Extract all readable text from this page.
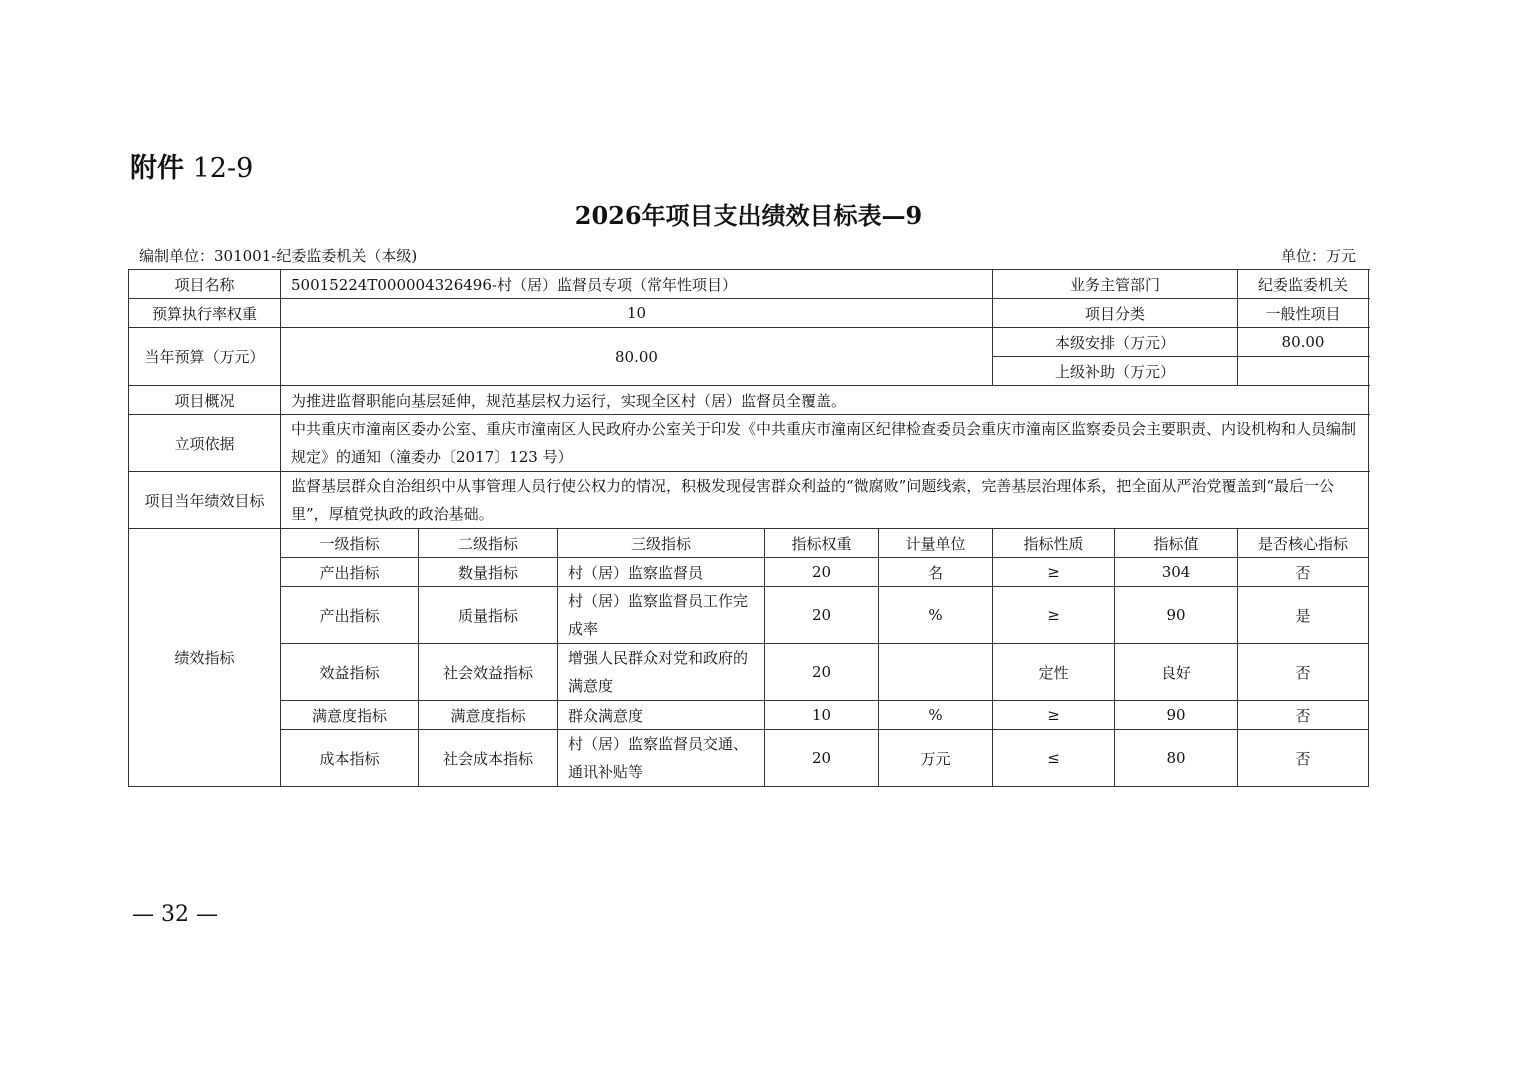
附件 12-9
2026年项目支出绩效目标表—9
编制单位：301001-纪委监委机关（本级)	单位：万元
项目名称	50015224T000004326496-村（居）监督员专项（常年性项目）					业务主管部门		纪委监委机关
预算执行率权重	10					项目分类		一般性项目
当年预算（万元）	80.00					本级安排（万元）		80.00
						上级补助（万元）		
项目概况	为推进监督职能向基层延伸，规范基层权力运行，实现全区村（居）监督员全覆盖。							
立项依据	中共重庆市潼南区委办公室、重庆市潼南区人民政府办公室关于印发《中共重庆市潼南区纪律检查委员会重庆市潼南区监察委员会主要职责、内设机构和人员编制规定》的通知（潼委办〔2017〕123 号）							
项目当年绩效目标	监督基层群众自治组织中从事管理人员行使公权力的情况，积极发现侵害群众利益的“微腐败”问题线索，完善基层治理体系，把全面从严治党覆盖到“最后一公里”，厚植党执政的政治基础。							
绩效指标	一级指标	二级指标	三级指标	指标权重	计量单位	指标性质	指标值	是否核心指标
	产出指标	数量指标	村（居）监察监督员	20	名	≥	304	否
	产出指标	质量指标	村（居）监察监督员工作完成率	20	%	≥	90	是
	效益指标	社会效益指标	增强人民群众对党和政府的满意度	20		定性	良好	否
	满意度指标	满意度指标	群众满意度	10	%	≥	90	否
	成本指标	社会成本指标	村（居）监察监督员交通、通讯补贴等	20	万元	≤	80	否
— 32 —
